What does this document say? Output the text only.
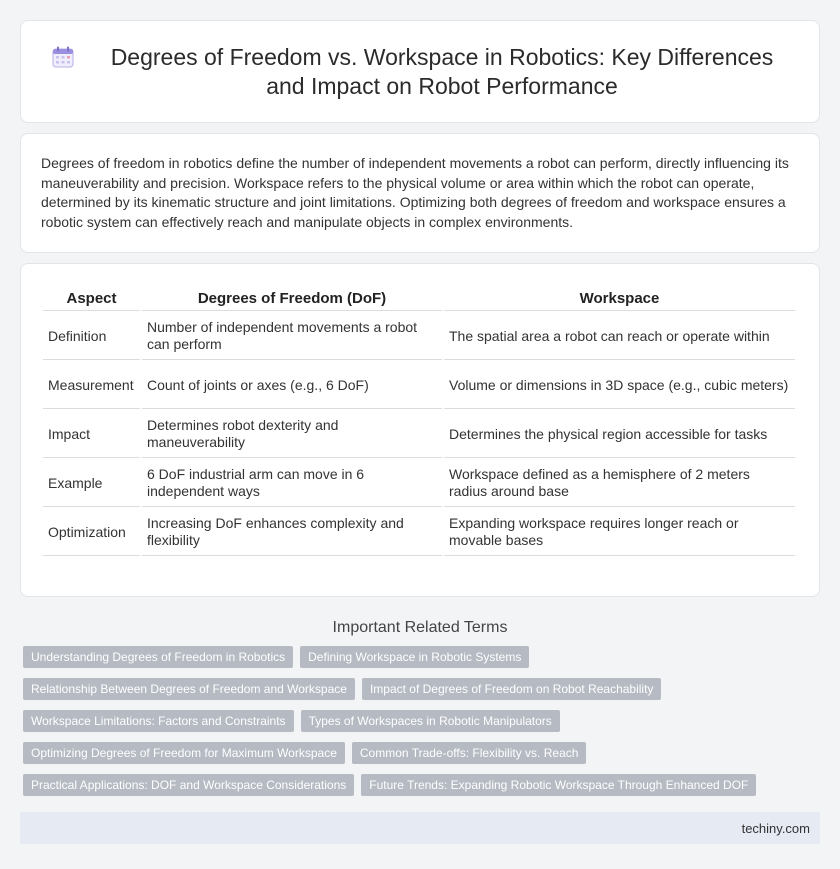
Degrees of Freedom vs. Workspace in Robotics: Key Differences and Impact on Robot Performance

Degrees of freedom in robotics define the number of independent movements a robot can perform, directly influencing its maneuverability and precision. Workspace refers to the physical volume or area within which the robot can operate, determined by its kinematic structure and joint limitations. Optimizing both degrees of freedom and workspace ensures a robotic system can effectively reach and manipulate objects in complex environments.

Aspect	Degrees of Freedom (DoF)	Workspace
Definition	Number of independent movements a robot can perform	The spatial area a robot can reach or operate within
Measurement	Count of joints or axes (e.g., 6 DoF)	Volume or dimensions in 3D space (e.g., cubic meters)
Impact	Determines robot dexterity and maneuverability	Determines the physical region accessible for tasks
Example	6 DoF industrial arm can move in 6 independent ways	Workspace defined as a hemisphere of 2 meters radius around base
Optimization	Increasing DoF enhances complexity and flexibility	Expanding workspace requires longer reach or movable bases
Important Related Terms
Understanding Degrees of Freedom in Robotics	Defining Workspace in Robotic Systems
Relationship Between Degrees of Freedom and Workspace	Impact of Degrees of Freedom on Robot Reachability
Workspace Limitations: Factors and Constraints	Types of Workspaces in Robotic Manipulators
Optimizing Degrees of Freedom for Maximum Workspace	Common Trade-offs: Flexibility vs. Reach
Practical Applications: DOF and Workspace Considerations	Future Trends: Expanding Robotic Workspace Through Enhanced DOF
techiny.com
